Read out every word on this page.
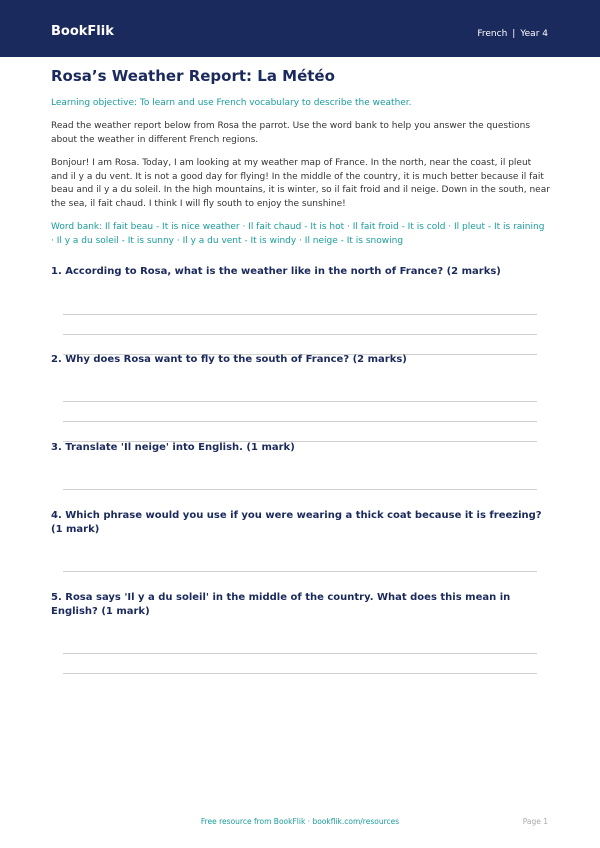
BookFlik	French | Year 4
Rosa’s Weather Report: La Météo

Learning objective: To learn and use French vocabulary to describe the weather.

Read the weather report below from Rosa the parrot. Use the word bank to help you answer the questions about the weather in different French regions.

Bonjour! I am Rosa. Today, I am looking at my weather map of France. In the north, near the coast, il pleut and il y a du vent. It is not a good day for flying! In the middle of the country, it is much better because il fait beau and il y a du soleil. In the high mountains, it is winter, so il fait froid and il neige. Down in the south, near the sea, il fait chaud. I think I will fly south to enjoy the sunshine!

Word bank: Il fait beau - It is nice weather · Il fait chaud - It is hot · Il fait froid - It is cold · Il pleut - It is raining · Il y a du soleil - It is sunny · Il y a du vent - It is windy · Il neige - It is snowing

1. According to Rosa, what is the weather like in the north of France? (2 marks)

2. Why does Rosa want to fly to the south of France? (2 marks)

3. Translate 'Il neige' into English. (1 mark)

4. Which phrase would you use if you were wearing a thick coat because it is freezing? (1 mark)

5. Rosa says 'Il y a du soleil' in the middle of the country. What does this mean in English? (1 mark)

Free resource from BookFlik · bookflik.com/resources	Page 1
